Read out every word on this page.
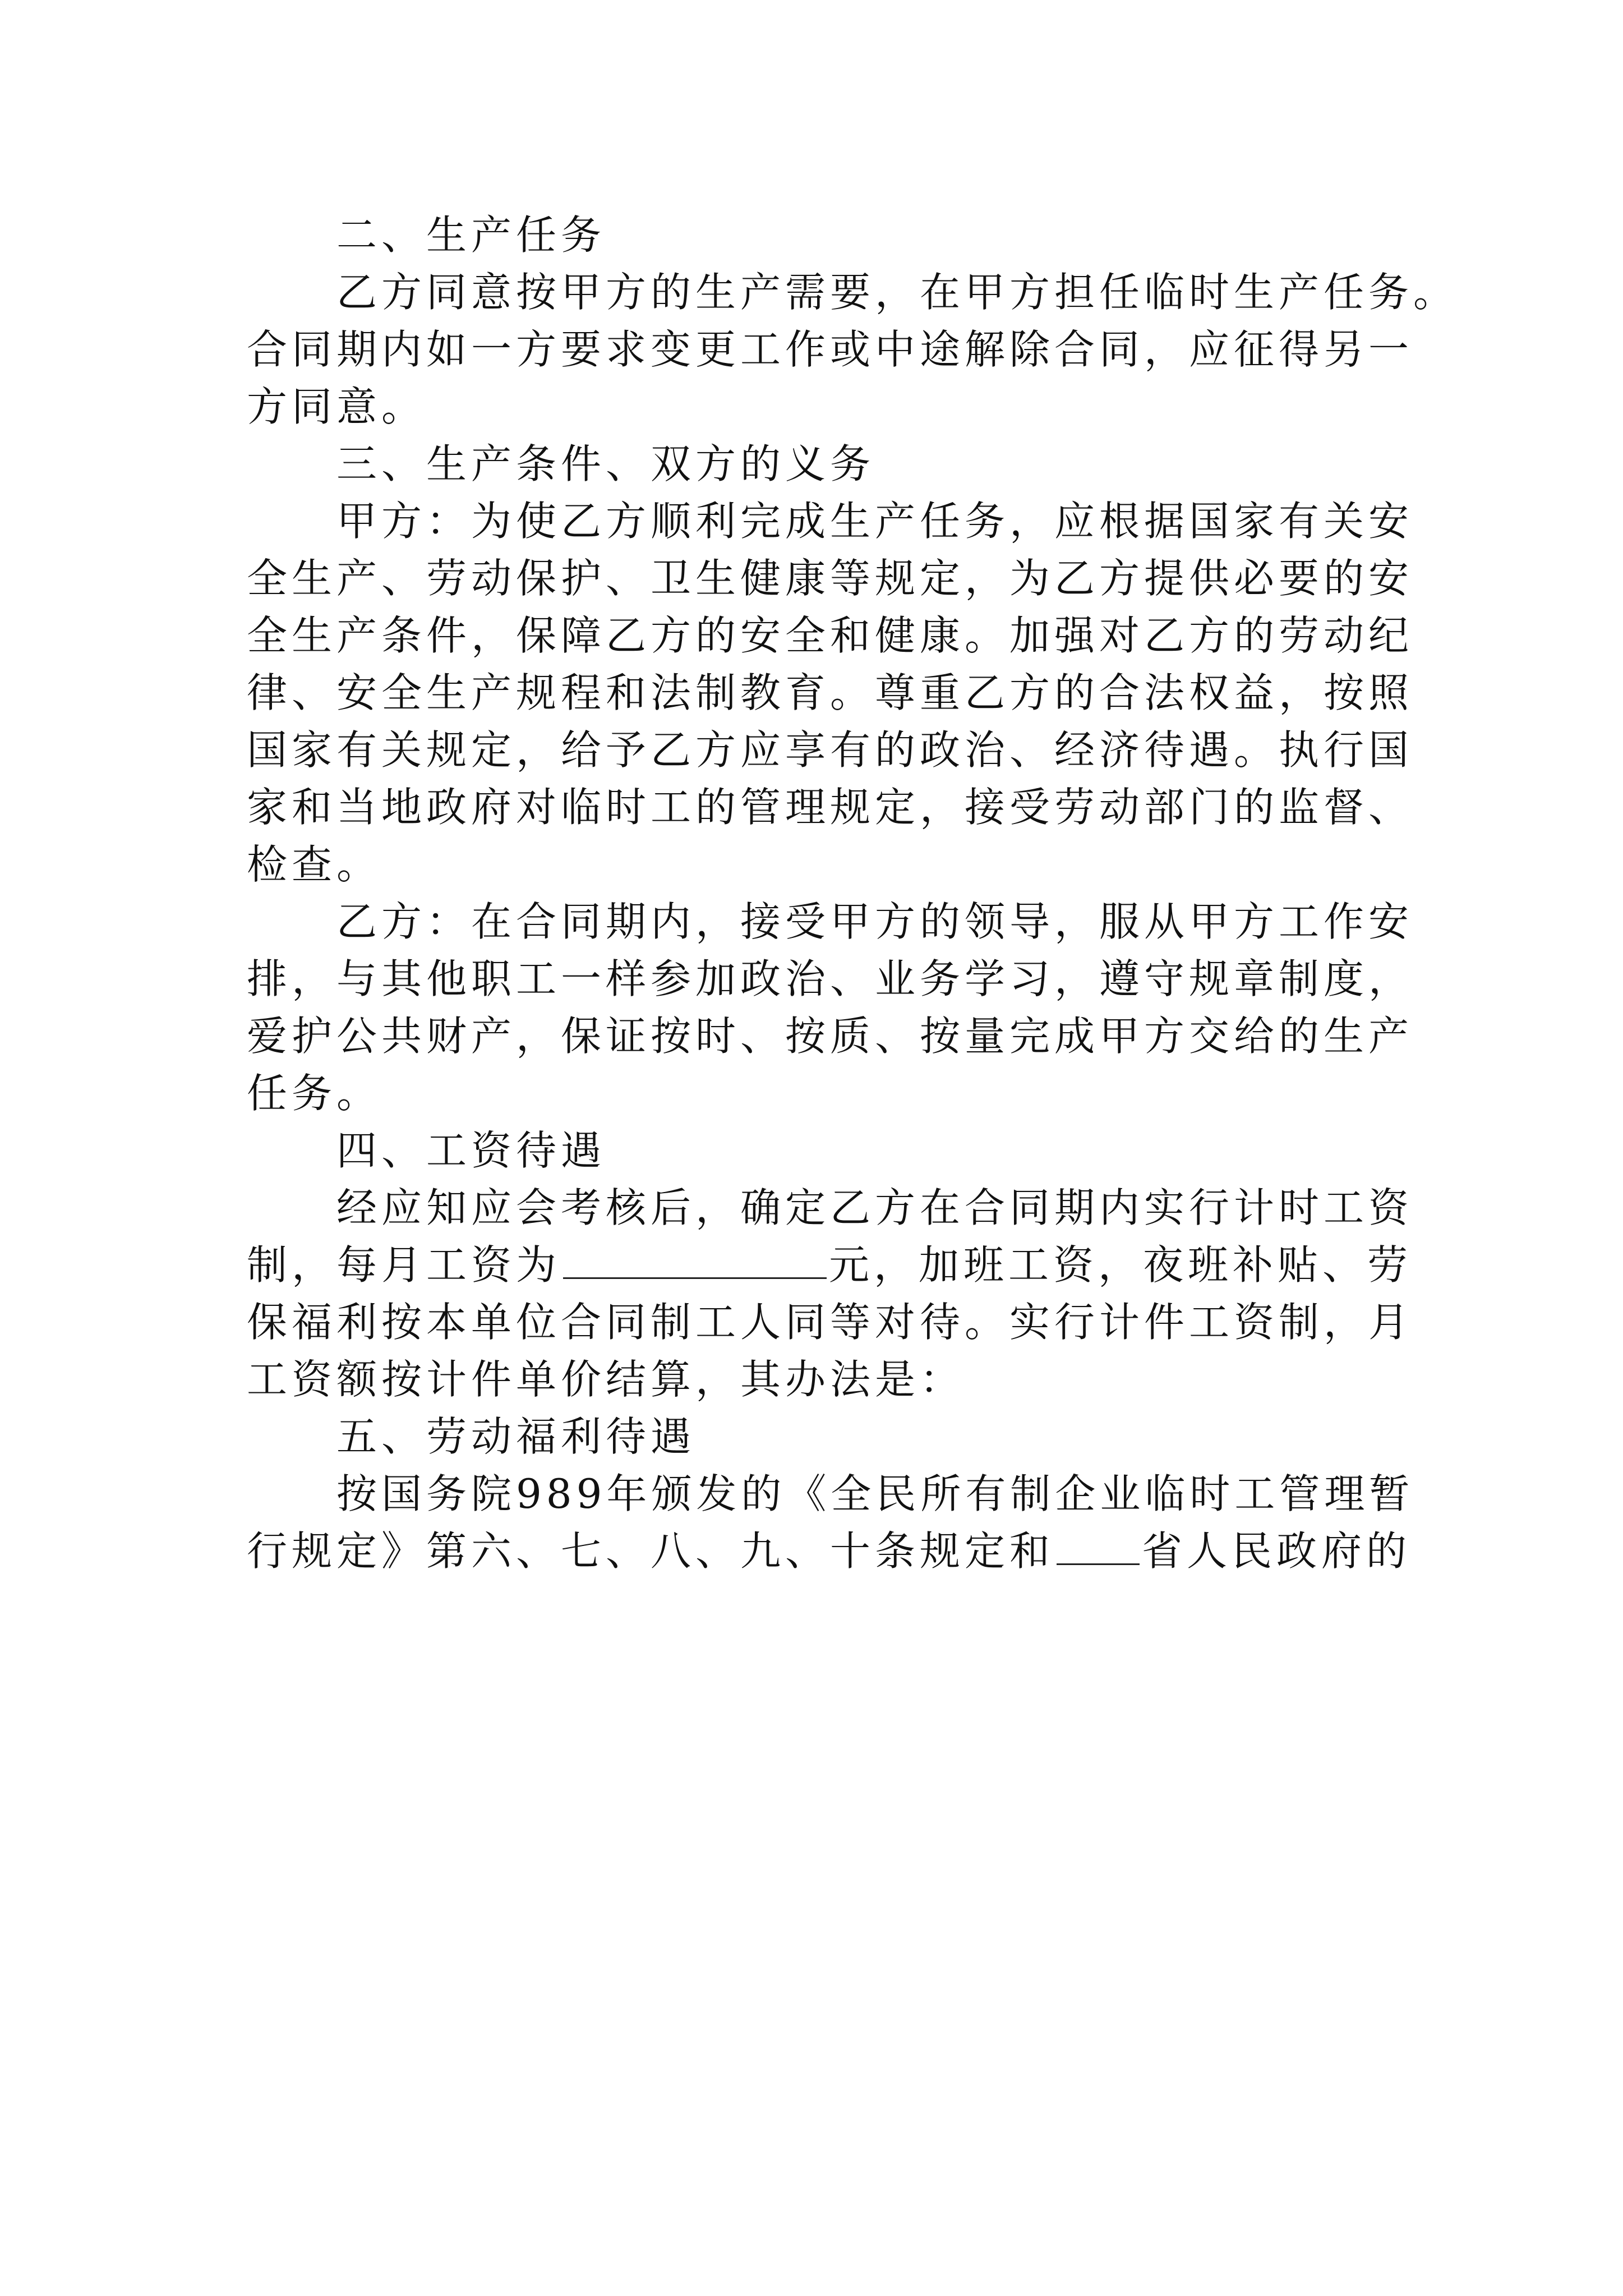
二、生产任务
乙方同意按甲方的生产需要，在甲方担任临时生产任务。
合同期内如一方要求变更工作或中途解除合同，应征得另一
方同意。
三、生产条件、双方的义务
甲方：为使乙方顺利完成生产任务，应根据国家有关安
全生产、劳动保护、卫生健康等规定，为乙方提供必要的安
全生产条件，保障乙方的安全和健康。加强对乙方的劳动纪
律、安全生产规程和法制教育。尊重乙方的合法权益，按照
国家有关规定，给予乙方应享有的政治、经济待遇。执行国
家和当地政府对临时工的管理规定，接受劳动部门的监督、
检查。
乙方：在合同期内，接受甲方的领导，服从甲方工作安
排，与其他职工一样参加政治、业务学习，遵守规章制度，
爱护公共财产，保证按时、按质、按量完成甲方交给的生产
任务。
四、工资待遇
经应知应会考核后，确定乙方在合同期内实行计时工资
制，每月工资为	元，加班工资，夜班补贴、劳
保福利按本单位合同制工人同等对待。实行计件工资制，月
工资额按计件单价结算，其办法是：
五、劳动福利待遇
按国务院989年颁发的《全民所有制企业临时工管理暂
行规定》第六、七、八、九、十条规定和 省人民政府的
